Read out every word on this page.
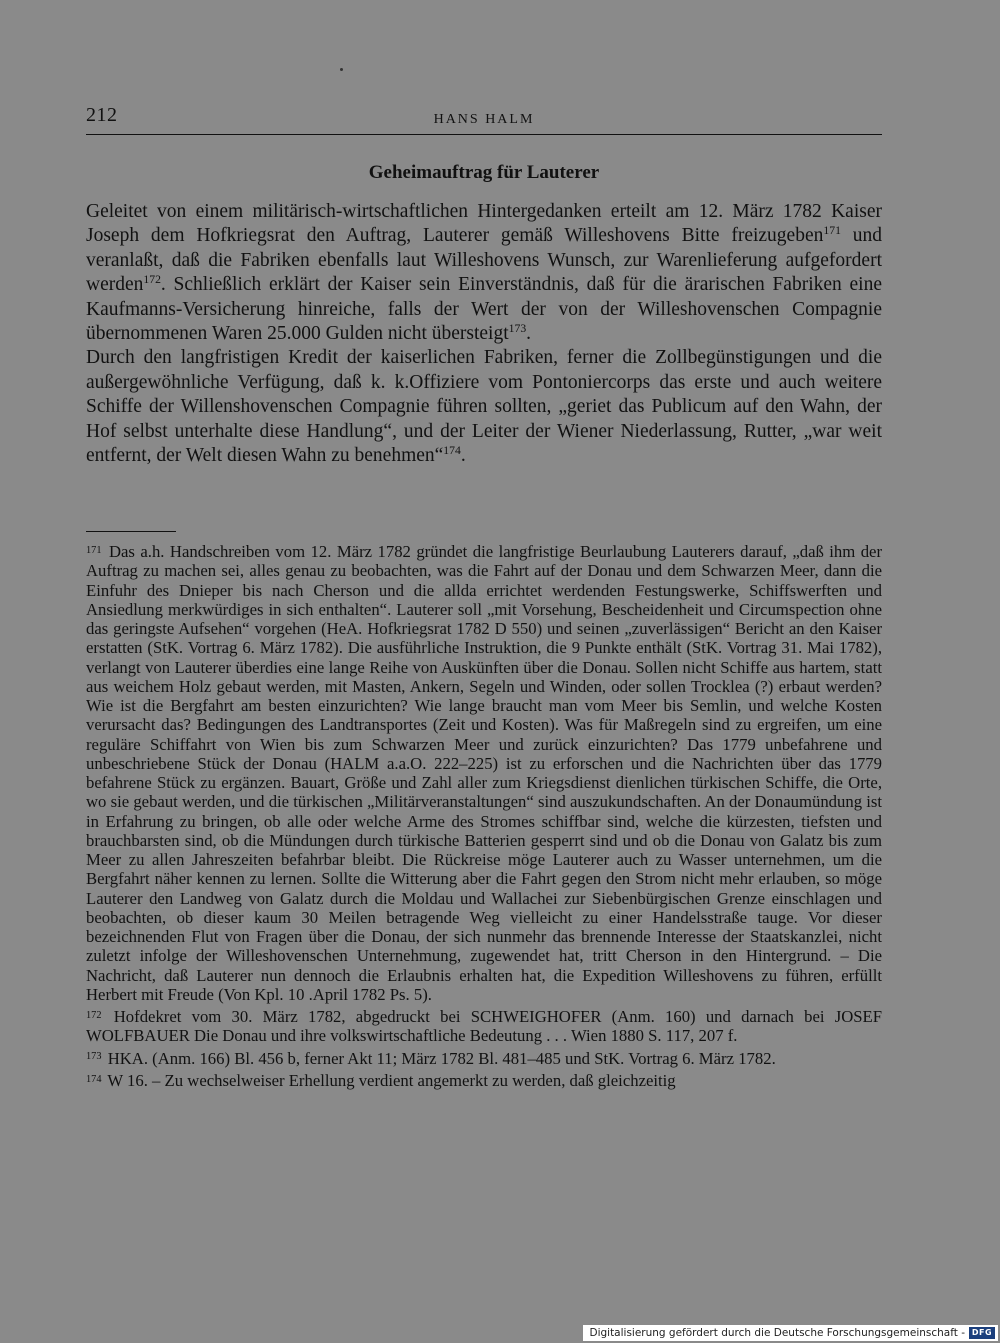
212	HANS HALM
Geheimauftrag für Lauterer

Geleitet von einem militärisch-wirtschaftlichen Hintergedanken erteilt am 12. März 1782 Kaiser Joseph dem Hofkriegsrat den Auftrag, Lauterer gemäß Willeshovens Bitte freizugeben$^{171}$ und veranlaßt, daß die Fabriken ebenfalls laut Willeshovens Wunsch, zur Warenlieferung aufgefordert werden$^{172}$. Schließlich erklärt der Kaiser sein Einverständnis, daß für die ärarischen Fabriken eine Kaufmanns-Versicherung hinreiche, falls der Wert der von der Willeshovenschen Compagnie übernommenen Waren 25.000 Gulden nicht übersteigt$^{173}$.

Durch den langfristigen Kredit der kaiserlichen Fabriken, ferner die Zollbegünstigungen und die außergewöhnliche Verfügung, daß k. k.Offiziere vom Pontoniercorps das erste und auch weitere Schiffe der Willenshovenschen Compagnie führen sollten, „geriet das Publicum auf den Wahn, der Hof selbst unterhalte diese Handlung“, und der Leiter der Wiener Niederlassung, Rutter, „war weit entfernt, der Welt diesen Wahn zu benehmen“$^{174}$.

$^{171}$ Das a.h. Handschreiben vom 12. März 1782 gründet die langfristige Beurlaubung Lauterers darauf, „daß ihm der Auftrag zu machen sei, alles genau zu beobachten, was die Fahrt auf der Donau und dem Schwarzen Meer, dann die Einfuhr des Dnieper bis nach Cherson und die allda errichtet werdenden Festungswerke, Schiffswerften und Ansiedlung merkwürdiges in sich enthalten“. Lauterer soll „mit Vorsehung, Bescheidenheit und Circumspection ohne das geringste Aufsehen“ vorgehen (HeA. Hofkriegsrat 1782 D 550) und seinen „zuverlässigen“ Bericht an den Kaiser erstatten (StK. Vortrag 6. März 1782). Die ausführliche Instruktion, die 9 Punkte enthält (StK. Vortrag 31. Mai 1782), verlangt von Lauterer überdies eine lange Reihe von Auskünften über die Donau. Sollen nicht Schiffe aus hartem, statt aus weichem Holz gebaut werden, mit Masten, Ankern, Segeln und Winden, oder sollen Trocklea (?) erbaut werden? Wie ist die Bergfahrt am besten einzurichten? Wie lange braucht man vom Meer bis Semlin, und welche Kosten verursacht das? Bedingungen des Landtransportes (Zeit und Kosten). Was für Maßregeln sind zu ergreifen, um eine reguläre Schiffahrt von Wien bis zum Schwarzen Meer und zurück einzurichten? Das 1779 unbefahrene und unbeschriebene Stück der Donau (HALM a.a.O. 222–225) ist zu erforschen und die Nachrichten über das 1779 befahrene Stück zu ergänzen. Bauart, Größe und Zahl aller zum Kriegsdienst dienlichen türkischen Schiffe, die Orte, wo sie gebaut werden, und die türkischen „Militärveranstaltungen“ sind auszukundschaften. An der Donaumündung ist in Erfahrung zu bringen, ob alle oder welche Arme des Stromes schiffbar sind, welche die kürzesten, tiefsten und brauchbarsten sind, ob die Mündungen durch türkische Batterien gesperrt sind und ob die Donau von Galatz bis zum Meer zu allen Jahreszeiten befahrbar bleibt. Die Rückreise möge Lauterer auch zu Wasser unternehmen, um die Bergfahrt näher kennen zu lernen. Sollte die Witterung aber die Fahrt gegen den Strom nicht mehr erlauben, so möge Lauterer den Landweg von Galatz durch die Moldau und Wallachei zur Siebenbürgischen Grenze einschlagen und beobachten, ob dieser kaum 30 Meilen betragende Weg vielleicht zu einer Handelsstraße tauge. Vor dieser bezeichnenden Flut von Fragen über die Donau, der sich nunmehr das brennende Interesse der Staatskanzlei, nicht zuletzt infolge der Willeshovenschen Unternehmung, zugewendet hat, tritt Cherson in den Hintergrund. – Die Nachricht, daß Lauterer nun dennoch die Erlaubnis erhalten hat, die Expedition Willeshovens zu führen, erfüllt Herbert mit Freude (Von Kpl. 10 .April 1782 Ps. 5).

$^{172}$ Hofdekret vom 30. März 1782, abgedruckt bei SCHWEIGHOFER (Anm. 160) und darnach bei JOSEF WOLFBAUER Die Donau und ihre volkswirtschaftliche Bedeutung . . . Wien 1880 S. 117, 207 f.

$^{173}$ HKA. (Anm. 166) Bl. 456 b, ferner Akt 11; März 1782 Bl. 481–485 und StK. Vortrag 6. März 1782.

$^{174}$ W 16. – Zu wechselweiser Erhellung verdient angemerkt zu werden, daß gleichzeitig

Digitalisierung gefördert durch die Deutsche Forschungsgemeinschaft - DFG
